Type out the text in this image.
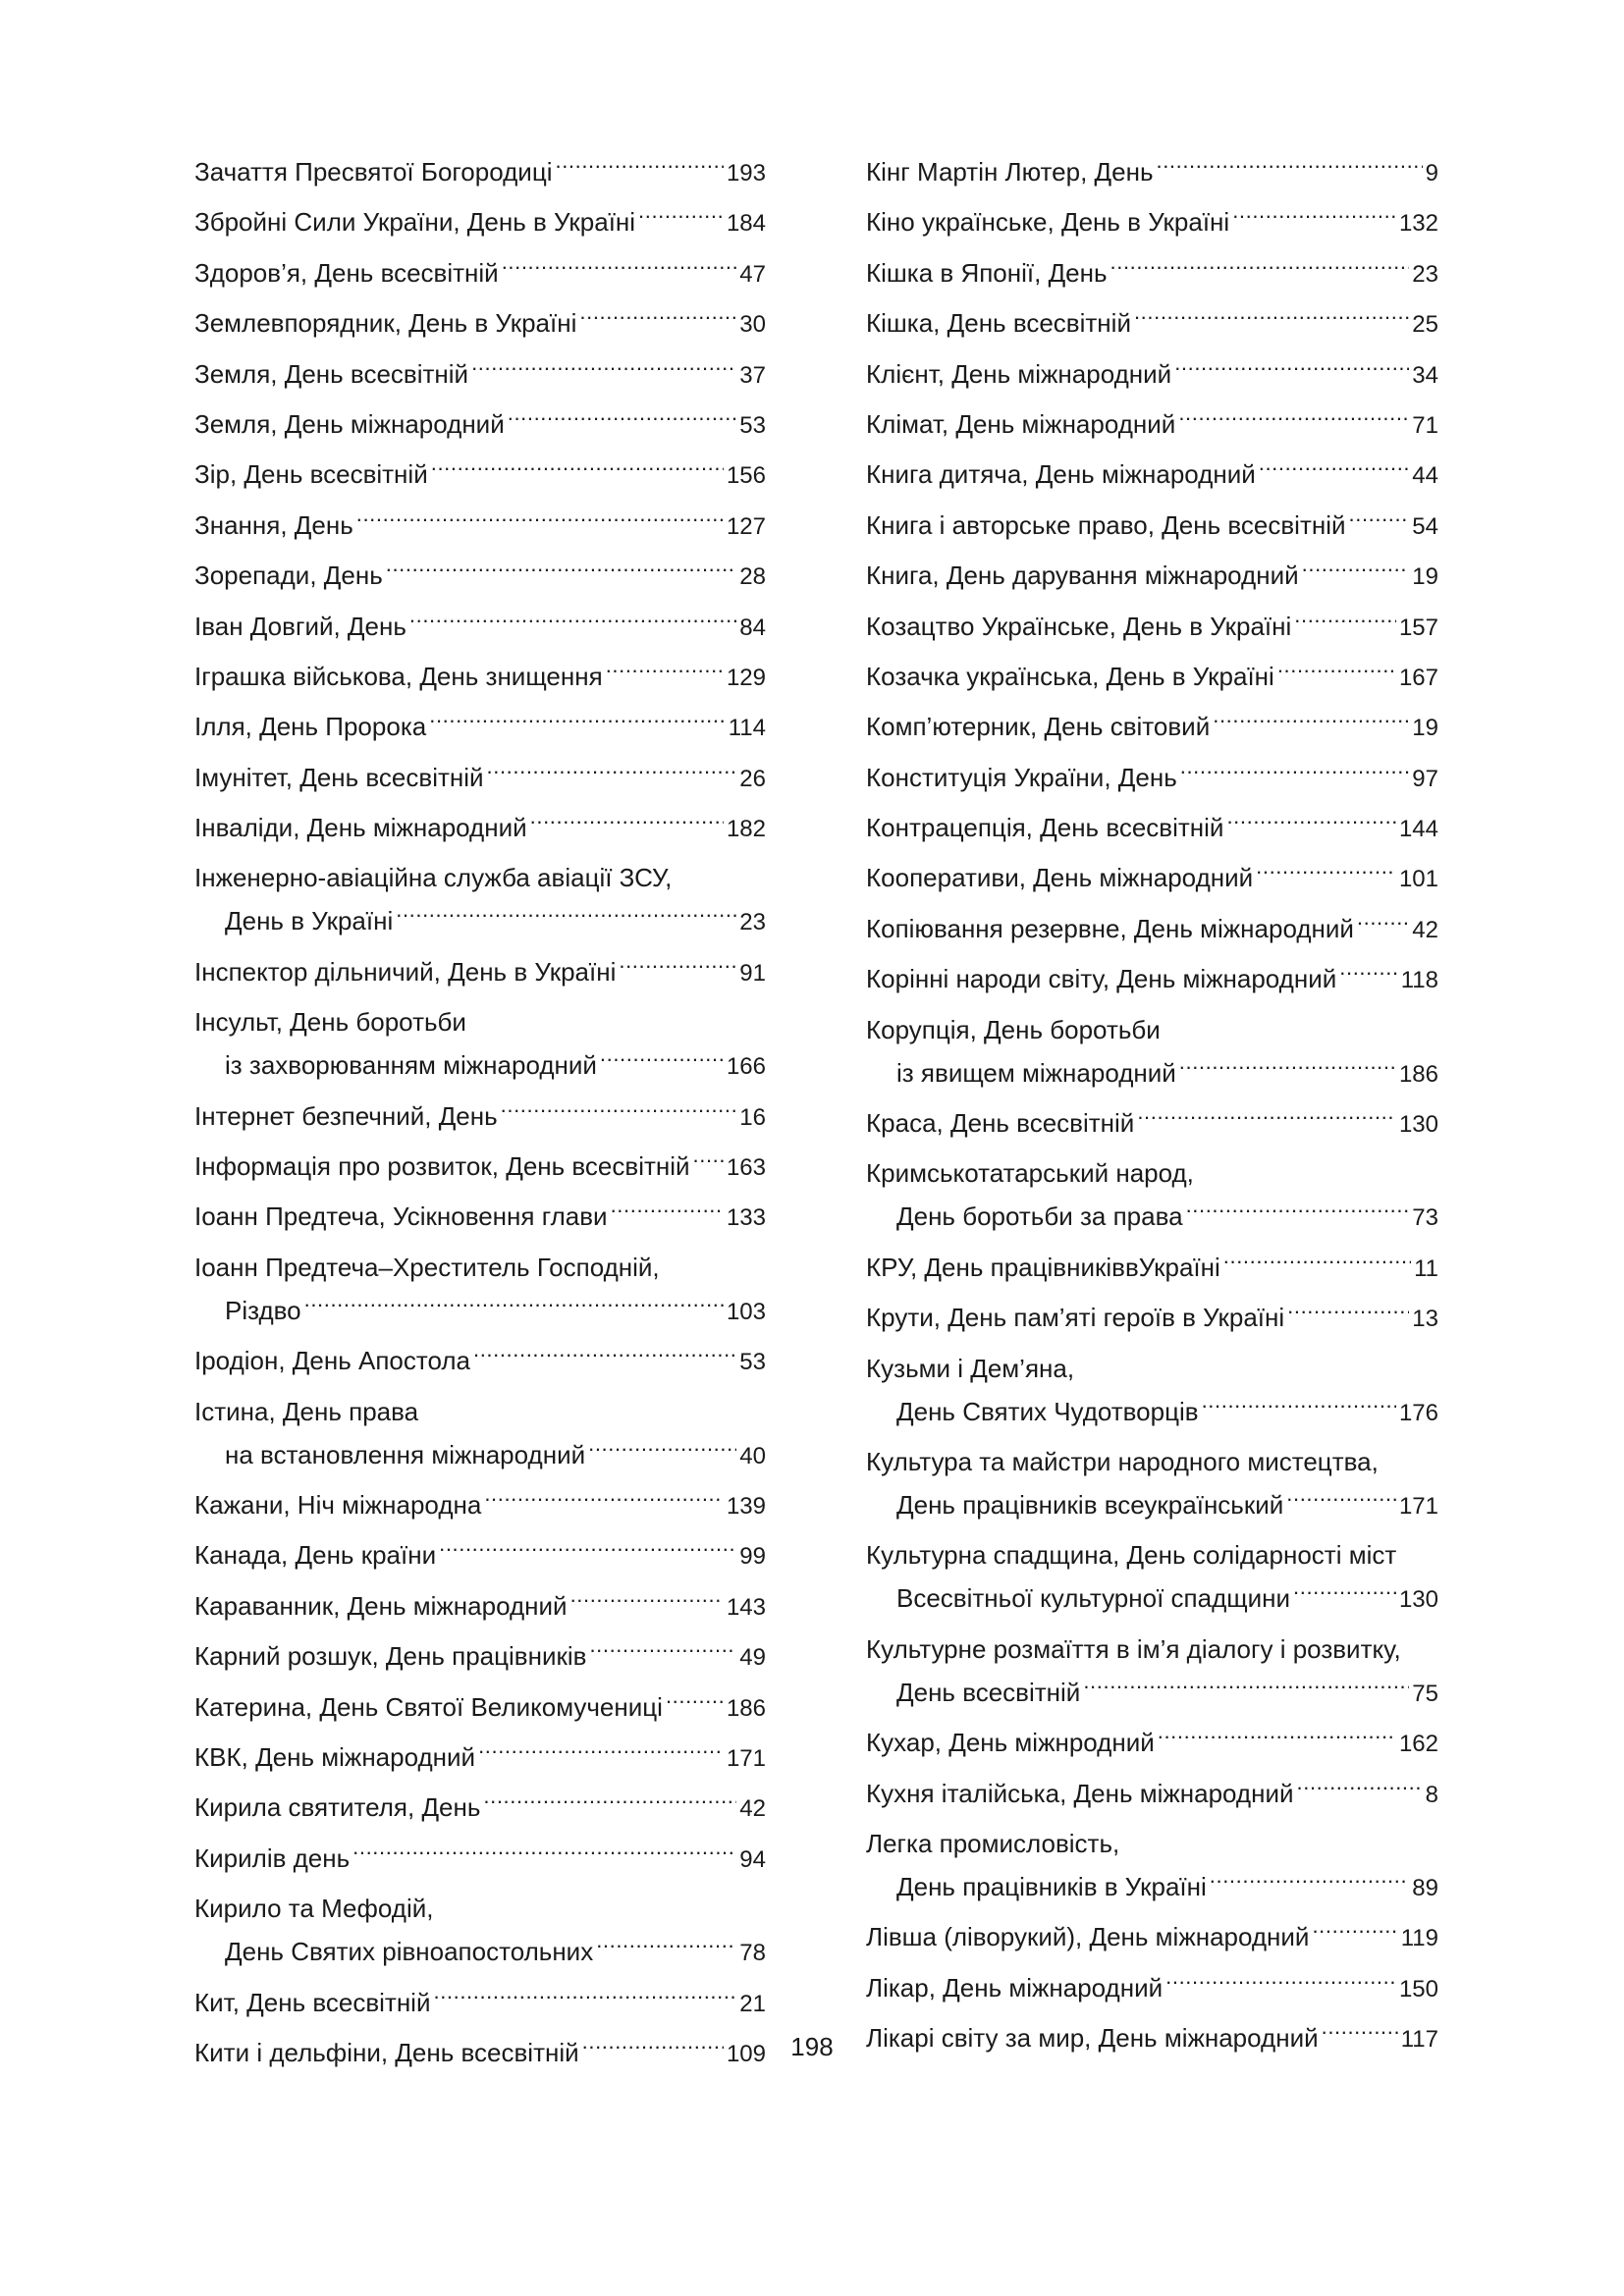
Зачаття Пресвятої Богородиці .....	193
Збройні Сили України, День в Україні .....	184
Здоров’я, День всесвітній .....	47
Землевпорядник, День в Україні .....	30
Земля, День всесвітній .....	37
Земля, День міжнародний .....	53
Зір, День всесвітній .....	156
Знання, День .....	127
Зорепади, День .....	28
Іван Довгий, День .....	84
Іграшка військова, День знищення .....	129
Ілля, День Пророка .....	114
Імунітет, День всесвітній .....	26
Інваліди, День міжнародний .....	182
Інженерно-авіаційна служба авіації ЗСУ,
День в Україні .....	23
Інспектор дільничий, День в Україні .....	91
Інсульт, День боротьби
із захворюванням міжнародний .....	166
Інтернет безпечний, День .....	16
Інформація про розвиток, День всесвітній ..... 163
Іоанн Предтеча, Усікновення глави .....	133
Іоанн Предтеча–Хреститель Господній,
Різдво .....	103
Іродіон, День Апостола .....	53
Істина, День права
на встановлення міжнародний .....	40
Кажани, Ніч міжнародна .....	139
Канада, День країни .....	99
Караванник, День міжнародний .....	143
Карний розшук, День працівників .....	49
Катерина, День Святої Великомучениці .....	186
КВК, День міжнародний .....	171
Кирила святителя, День .....	42
Кирилів день .....	94
Кирило та Мефодій,
День Святих рівноапостольних .....	78
Кит, День всесвітній .....	21
Кити і дельфіни, День всесвітній .....	109
Кінг Мартін Лютер, День .....	9
Кіно українське, День в Україні .....	132
Кішка в Японії, День .....	23
Кішка, День всесвітній .....	25
Клієнт, День міжнародний .....	34
Клімат, День міжнародний .....	71
Книга дитяча, День міжнародний .....	44
Книга і авторське право, День всесвітній .....	54
Книга, День дарування міжнародний .....	19
Козацтво Українське, День в Україні .....	157
Козачка українська, День в Україні .....	167
Комп’ютерник, День світовий .....	19
Конституція України, День .....	97
Контрацепція, День всесвітній .....	144
Кооперативи, День міжнародний .....	101
Копіювання резервне, День міжнародний ..... 42
Корінні народи світу, День міжнародний .....	118
Корупція, День боротьби
із явищем міжнародний .....	186
Краса, День всесвітній .....	130
Кримськотатарський народ,
День боротьби за права .....	73
КРУ, День працівниківвУкраїні .....	11
Крути, День пам’яті героїв в Україні .....	13
Кузьми і Дем’яна,
День Святих Чудотворців .....	176
Культура та майстри народного мистецтва,
День працівників всеукраїнський .....	171
Культурна спадщина, День солідарності міст
Всесвітньої культурної спадщини .....	130
Культурне розмаїття в ім’я діалогу і розвитку,
День всесвітній .....	75
Кухар, День міжнродний .....	162
Кухня італійська, День міжнародний .....	8
Легка промисловість,
День працівників в Україні .....	89
Лівша (ліворукий), День міжнародний .....	119
Лікар, День міжнародний .....	150
Лікарі світу за мир, День міжнародний .....	117
198
